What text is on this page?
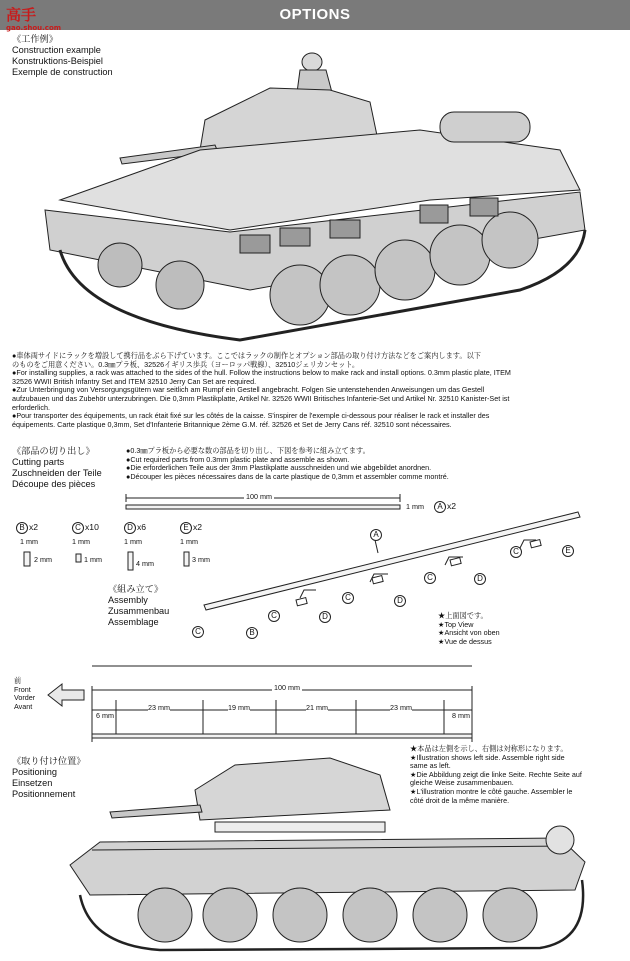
OPTIONS
高手
gao.shou.com
《工作例》
Construction example
Konstruktions-Beispiel
Exemple de construction
●車体両サイドにラックを増設して携行品をぶら下げています。ここではラックの制作とオプション部品の取り付け方法などをご案内します。以下
のものをご用意ください。0.3㎜プラ板、32526イギリス歩兵（ヨーロッパ戦線）、32510ジェリカンセット。
●For installing supplies, a rack was attached to the sides of the hull. Follow the instructions below to make rack and install options. 0.3mm plastic plate, ITEM
32526 WWII British Infantry Set and ITEM 32510 Jerry Can Set are required.
●Zur Unterbringung von Versorgungsgütern war seitlich am Rumpf ein Gestell angebracht. Folgen Sie untenstehenden Anweisungen um das Gestell
aufzubauen und das Zubehör unterzubringen. Die 0,3mm Plastikplatte, Artikel Nr. 32526 WWII Britisches Infanterie-Set und Artikel Nr. 32510 Kanister-Set ist
erforderlich.
●Pour transporter des équipements, un rack était fixé sur les côtés de la caisse. S'inspirer de l'exemple ci-dessous pour réaliser le rack et installer des
équipements. Carte plastique 0,3mm, Set d'Infanterie Britannique 2ème G.M. réf. 32526 et Set de Jerry Cans réf. 32510 sont nécessaires.
《部品の切り出し》
Cutting parts
Zuschneiden der Teile
Découpe des pièces
●0.3㎜プラ板から必要な数の部品を切り出し、下図を参考に組み立てます。
●Cut required parts from 0.3mm plastic plate and assemble as shown.
●Die erforderlichen Teile aus der 3mm Plastikplatte ausschneiden und wie abgebildet anordnen.
●Découper les pièces nécessaires dans de la carte plastique de 0,3mm et assembler comme montré.
100 mm
1 mm	A x2
B x2	C x10	D x6	E x2
1 mm
2 mm
1 mm
1 mm
1 mm
4 mm
1 mm
3 mm
《組み立て》
Assembly
Zusammenbau
Assemblage
A
B
C
C
C
C
C
D
D
D
E
★上面図です。
★Top View
★Ansicht von oben
★Vue de dessus
前
Front
Vorder
Avant
100 mm
6 mm
23 mm	19 mm	21 mm	23 mm
8 mm
《取り付け位置》
Positioning
Einsetzen
Positionnement
★本品は左側を示し、右側は対称形になります。
★Illustration shows left side. Assemble right side
same as left.
★Die Abbildung zeigt die linke Seite. Rechte Seite auf
gleiche Weise zusammenbauen.
★L'illustration montre le côté gauche. Assembler le
côté droit de la même manière.
